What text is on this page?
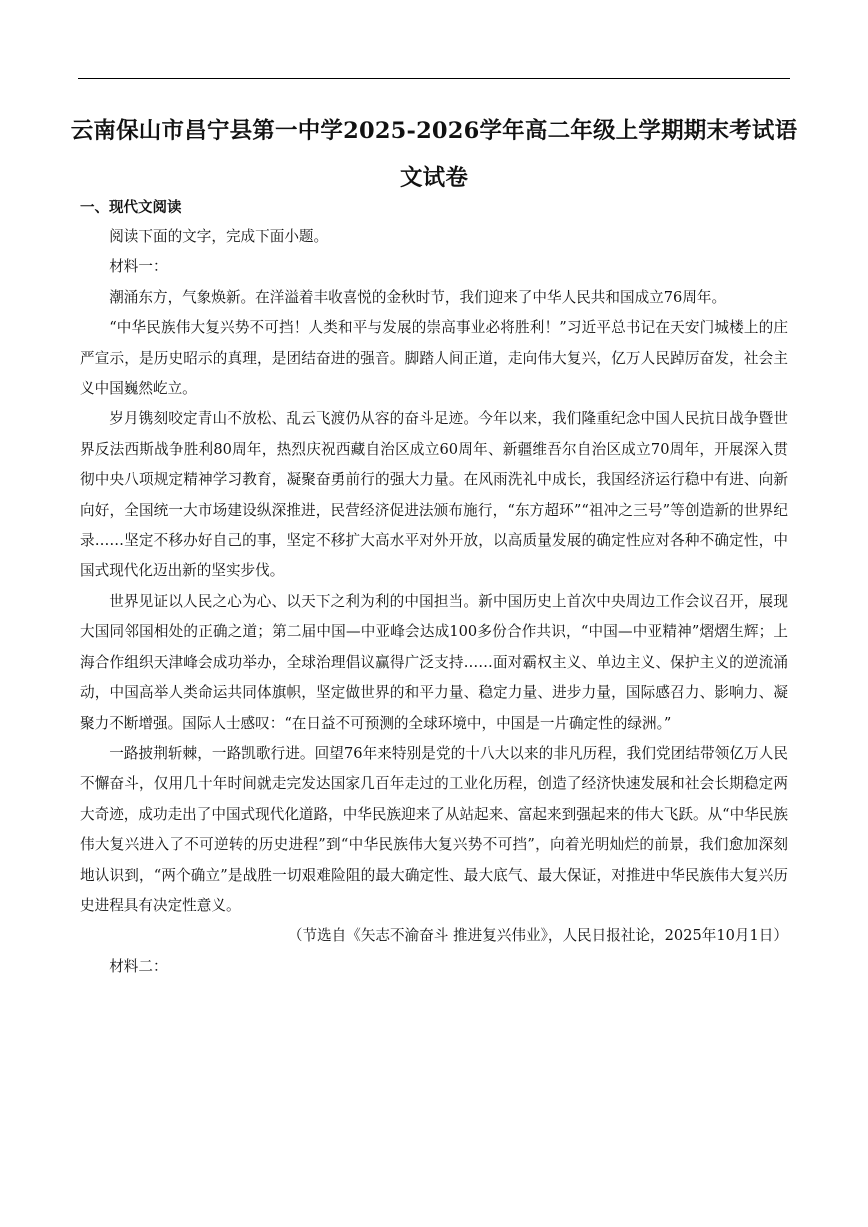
云南保山市昌宁县第一中学2025-2026学年高二年级上学期期末考试语文试卷
一、现代文阅读

阅读下面的文字，完成下面小题。

材料一：

潮涌东方，气象焕新。在洋溢着丰收喜悦的金秋时节，我们迎来了中华人民共和国成立76周年。

“中华民族伟大复兴势不可挡！人类和平与发展的崇高事业必将胜利！”习近平总书记在天安门城楼上的庄严宣示，是历史昭示的真理，是团结奋进的强音。脚踏人间正道，走向伟大复兴，亿万人民踔厉奋发，社会主义中国巍然屹立。

岁月镌刻咬定青山不放松、乱云飞渡仍从容的奋斗足迹。今年以来，我们隆重纪念中国人民抗日战争暨世界反法西斯战争胜利80周年，热烈庆祝西藏自治区成立60周年、新疆维吾尔自治区成立70周年，开展深入贯彻中央八项规定精神学习教育，凝聚奋勇前行的强大力量。在风雨洗礼中成长，我国经济运行稳中有进、向新向好，全国统一大市场建设纵深推进，民营经济促进法颁布施行，“东方超环”“祖冲之三号”等创造新的世界纪录……坚定不移办好自己的事，坚定不移扩大高水平对外开放，以高质量发展的确定性应对各种不确定性，中国式现代化迈出新的坚实步伐。

世界见证以人民之心为心、以天下之利为利的中国担当。新中国历史上首次中央周边工作会议召开，展现大国同邻国相处的正确之道；第二届中国—中亚峰会达成100多份合作共识，“中国—中亚精神”熠熠生辉；上海合作组织天津峰会成功举办，全球治理倡议赢得广泛支持……面对霸权主义、单边主义、保护主义的逆流涌动，中国高举人类命运共同体旗帜，坚定做世界的和平力量、稳定力量、进步力量，国际感召力、影响力、凝聚力不断增强。国际人士感叹：“在日益不可预测的全球环境中，中国是一片确定性的绿洲。”

一路披荆斩棘，一路凯歌行进。回望76年来特别是党的十八大以来的非凡历程，我们党团结带领亿万人民不懈奋斗，仅用几十年时间就走完发达国家几百年走过的工业化历程，创造了经济快速发展和社会长期稳定两大奇迹，成功走出了中国式现代化道路，中华民族迎来了从站起来、富起来到强起来的伟大飞跃。从“中华民族伟大复兴进入了不可逆转的历史进程”到“中华民族伟大复兴势不可挡”，向着光明灿烂的前景，我们愈加深刻地认识到，“两个确立”是战胜一切艰难险阻的最大确定性、最大底气、最大保证，对推进中华民族伟大复兴历史进程具有决定性意义。

（节选自《矢志不渝奋斗 推进复兴伟业》，人民日报社论，2025年10月1日）

材料二：
